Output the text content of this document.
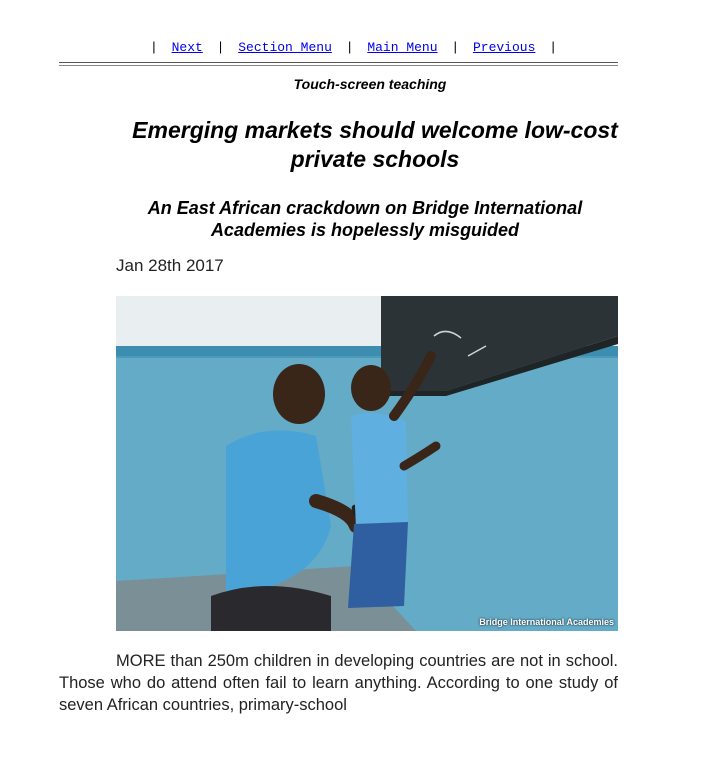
| Next | Section Menu | Main Menu | Previous |
Touch-screen teaching
Emerging markets should welcome low-cost private schools
An East African crackdown on Bridge International Academies is hopelessly misguided
Jan 28th 2017
Bridge International Academies

MORE than 250m children in developing countries are not in school. Those who do attend often fail to learn anything. According to one study of seven African countries, primary-school
